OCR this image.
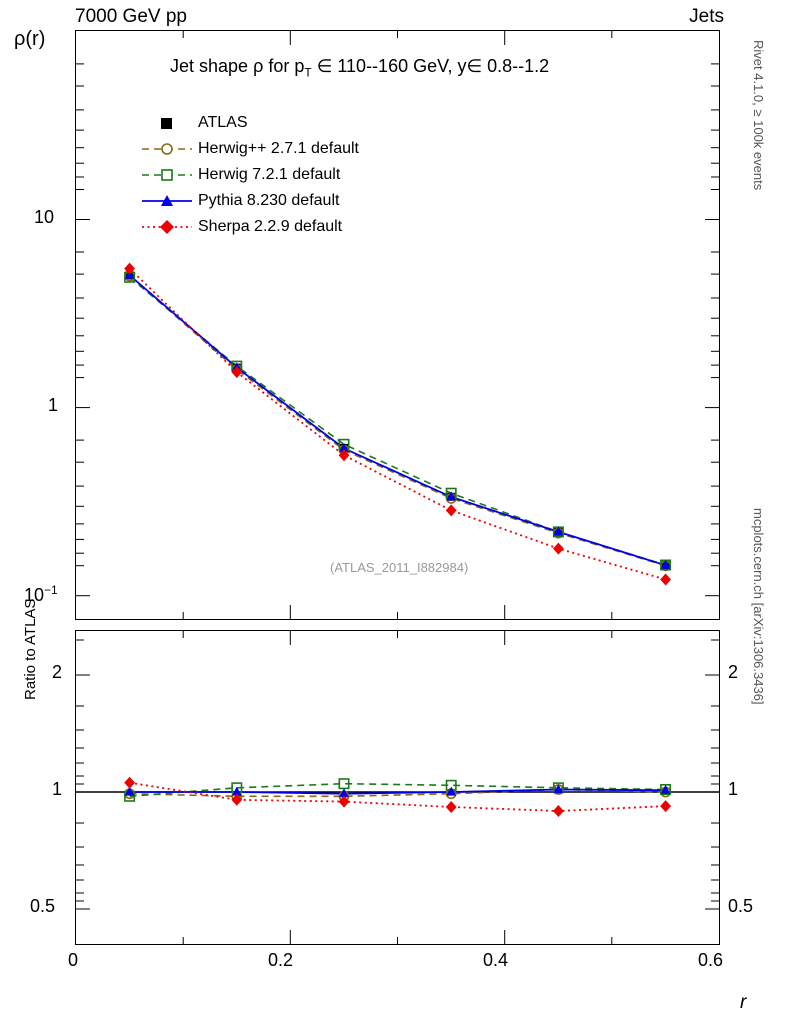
7000 GeV pp	Jets
Rivet 4.1.0, ≥ 100k events
mcplots.cern.ch [arXiv:1306.3436]
ρ(r)
Jet shape ρ for $p_T$ ∈ 110--160 GeV, y∈ 0.8--1.2
(ATLAS_2011_I882984)
ATLAS
Herwig++ 2.7.1 default
Herwig 7.2.1 default
Pythia 8.230 default
Sherpa 2.2.9 default
10
1
$10^{-1}$
2
1
0.5
2
1
0.5
Ratio to ATLAS
0	0.2	0.4	0.6
r
